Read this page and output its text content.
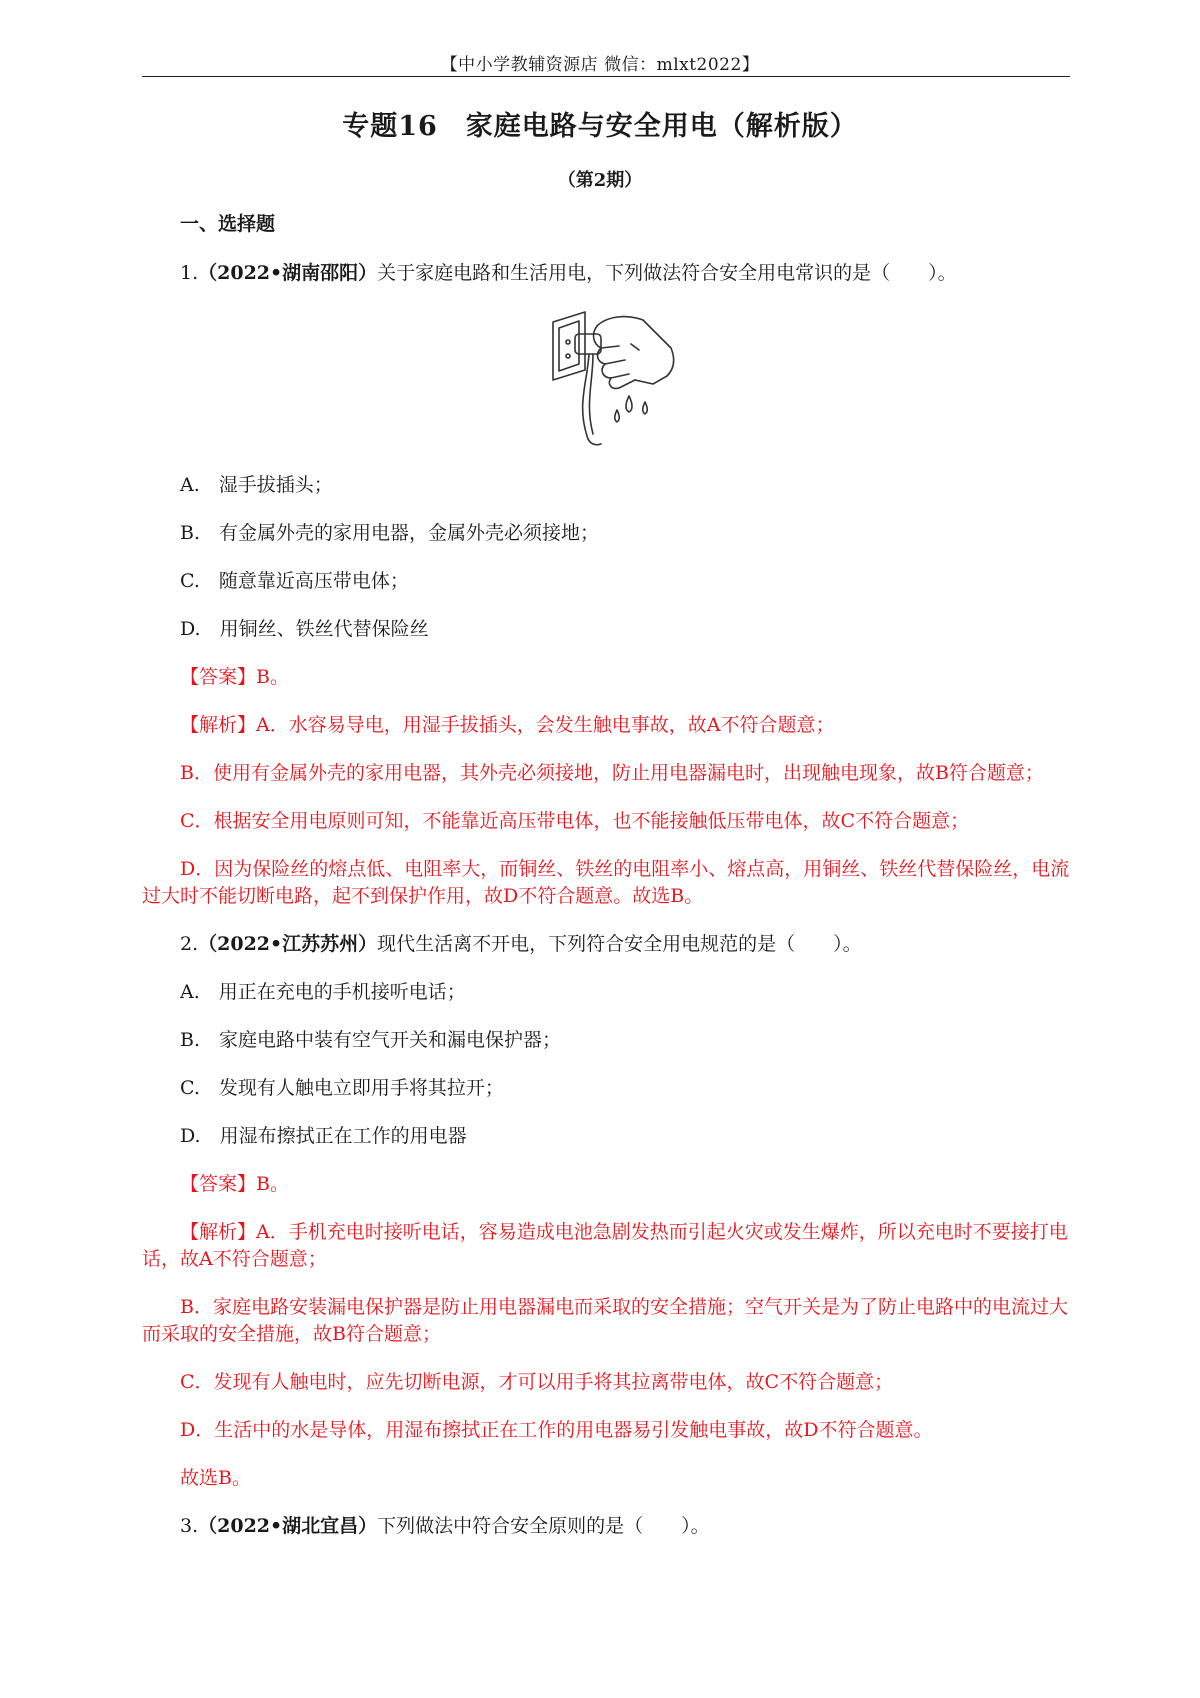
【中小学教辅资源店 微信：mlxt2022】
专题16　家庭电路与安全用电（解析版）
（第2期）
一、选择题

1.（2022•湖南邵阳）关于家庭电路和生活用电，下列做法符合安全用电常识的是（　　）。

A.　湿手拔插头；

B.　有金属外壳的家用电器，金属外壳必须接地；

C.　随意靠近高压带电体；

D.　用铜丝、铁丝代替保险丝

【答案】B。

【解析】A．水容易导电，用湿手拔插头，会发生触电事故，故A不符合题意；

B．使用有金属外壳的家用电器，其外壳必须接地，防止用电器漏电时，出现触电现象，故B符合题意；

C．根据安全用电原则可知，不能靠近高压带电体，也不能接触低压带电体，故C不符合题意；

D．因为保险丝的熔点低、电阻率大，而铜丝、铁丝的电阻率小、熔点高，用铜丝、铁丝代替保险丝，电流过大时不能切断电路，起不到保护作用，故D不符合题意。故选B。

2.（2022•江苏苏州）现代生活离不开电，下列符合安全用电规范的是（　　）。

A.　用正在充电的手机接听电话；

B.　家庭电路中装有空气开关和漏电保护器；

C.　发现有人触电立即用手将其拉开；

D.　用湿布擦拭正在工作的用电器

【答案】B。

【解析】A．手机充电时接听电话，容易造成电池急剧发热而引起火灾或发生爆炸，所以充电时不要接打电话，故A不符合题意；

B．家庭电路安装漏电保护器是防止用电器漏电而采取的安全措施；空气开关是为了防止电路中的电流过大而采取的安全措施，故B符合题意；

C．发现有人触电时，应先切断电源，才可以用手将其拉离带电体，故C不符合题意；

D．生活中的水是导体，用湿布擦拭正在工作的用电器易引发触电事故，故D不符合题意。

故选B。

3.（2022•湖北宜昌）下列做法中符合安全原则的是（　　）。
